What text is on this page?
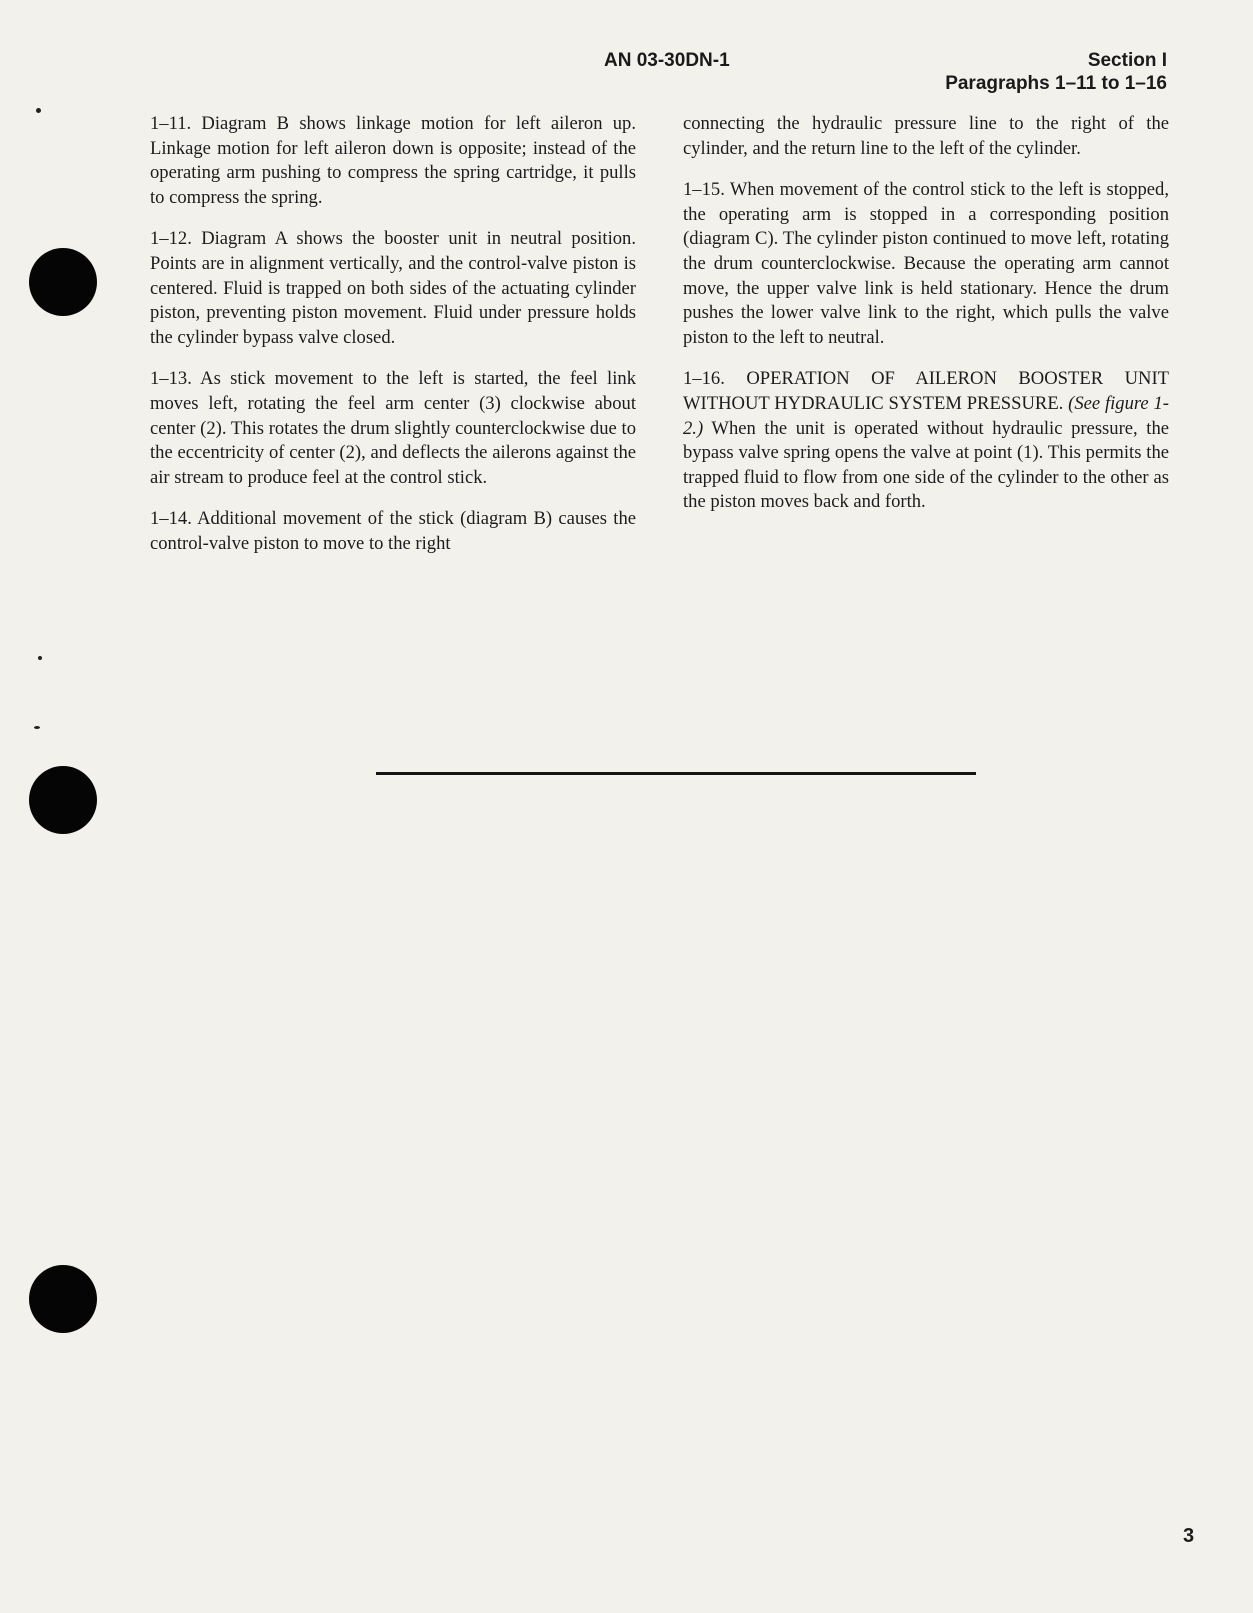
AN 03-30DN-1	Section I
Paragraphs 1–11 to 1–16

1–11. Diagram B shows linkage motion for left aileron up. Linkage motion for left aileron down is opposite; instead of the operating arm pushing to compress the spring cartridge, it pulls to compress the spring.

1–12. Diagram A shows the booster unit in neutral position. Points are in alignment vertically, and the control-valve piston is centered. Fluid is trapped on both sides of the actuating cylinder piston, preventing piston movement. Fluid under pressure holds the cylinder bypass valve closed.

1–13. As stick movement to the left is started, the feel link moves left, rotating the feel arm center (3) clockwise about center (2). This rotates the drum slightly counterclockwise due to the eccentricity of center (2), and deflects the ailerons against the air stream to produce feel at the control stick.

1–14. Additional movement of the stick (diagram B) causes the control-valve piston to move to the right

connecting the hydraulic pressure line to the right of the cylinder, and the return line to the left of the cylinder.

1–15. When movement of the control stick to the left is stopped, the operating arm is stopped in a corresponding position (diagram C). The cylinder piston continued to move left, rotating the drum counterclockwise. Because the operating arm cannot move, the upper valve link is held stationary. Hence the drum pushes the lower valve link to the right, which pulls the valve piston to the left to neutral.

1–16. OPERATION OF AILERON BOOSTER UNIT WITHOUT HYDRAULIC SYSTEM PRESSURE. (See figure 1-2.) When the unit is operated without hydraulic pressure, the bypass valve spring opens the valve at point (1). This permits the trapped fluid to flow from one side of the cylinder to the other as the piston moves back and forth.

3
